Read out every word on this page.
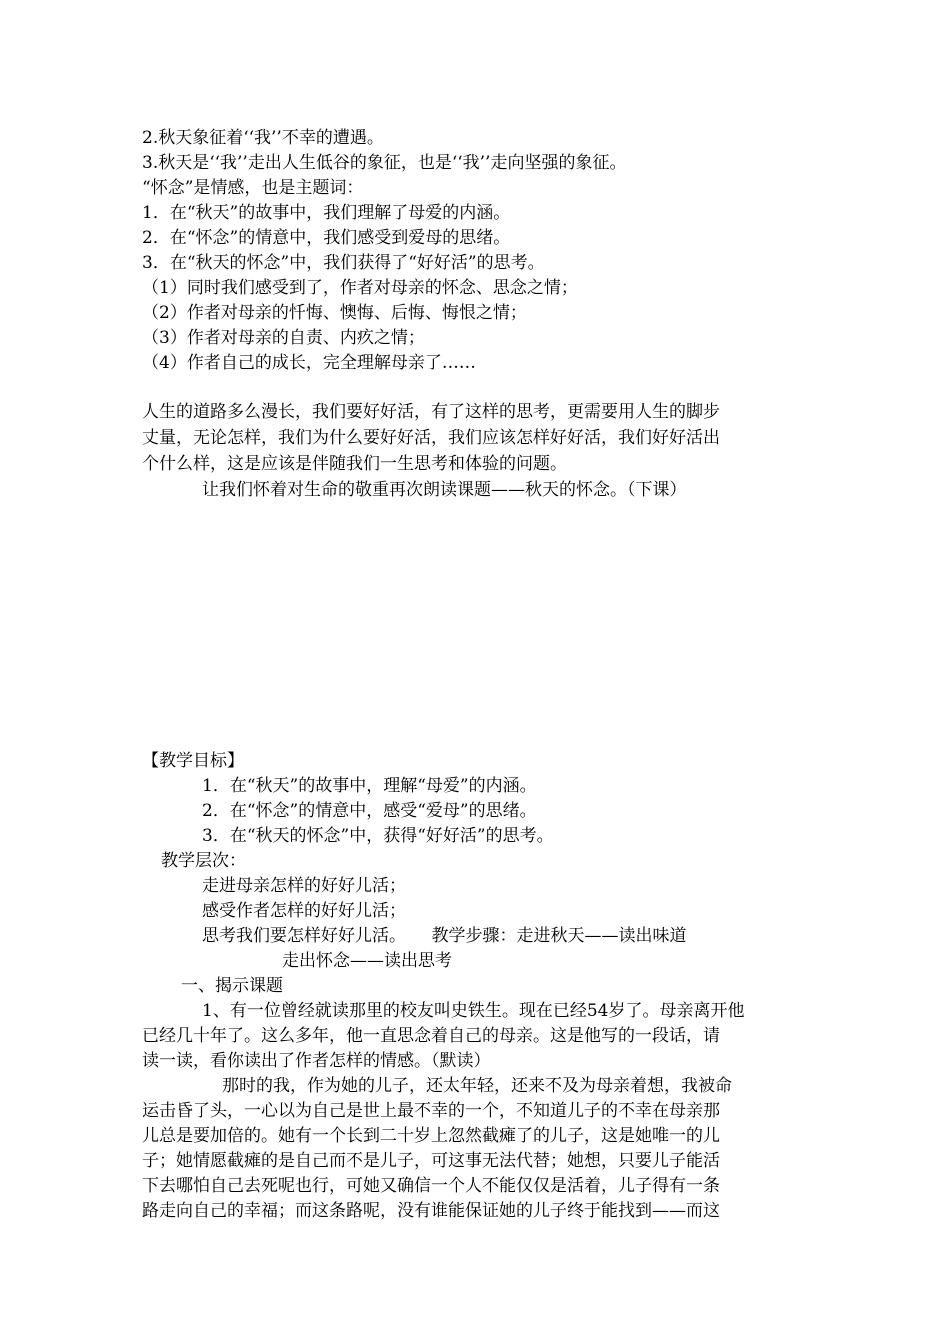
2.秋天象征着‘‘我’’不幸的遭遇。
3.秋天是‘‘我’’走出人生低谷的象征，也是‘‘我’’走向坚强的象征。
“怀念”是情感，也是主题词：
1．在“秋天”的故事中，我们理解了母爱的内涵。
2．在“怀念”的情意中，我们感受到爱母的思绪。
3．在“秋天的怀念”中，我们获得了“好好活”的思考。
（1）同时我们感受到了，作者对母亲的怀念、思念之情；
（2）作者对母亲的忏悔、懊悔、后悔、悔恨之情；
（3）作者对母亲的自责、内疚之情；
（4）作者自己的成长，完全理解母亲了……
人生的道路多么漫长，我们要好好活，有了这样的思考，更需要用人生的脚步
丈量，无论怎样，我们为什么要好好活，我们应该怎样好好活，我们好好活出
个什么样，这是应该是伴随我们一生思考和体验的问题。
让我们怀着对生命的敬重再次朗读课题——秋天的怀念。（下课）
【教学目标】
1．在“秋天”的故事中，理解“母爱”的内涵。
2．在“怀念”的情意中，感受“爱母”的思绪。
3．在“秋天的怀念”中，获得“好好活”的思考。
教学层次：
走进母亲怎样的好好儿活；
感受作者怎样的好好儿活；
思考我们要怎样好好儿活。　　教学步骤：走进秋天——读出味道
走出怀念——读出思考
一、揭示课题
1、有一位曾经就读那里的校友叫史铁生。现在已经54岁了。母亲离开他
已经几十年了。这么多年，他一直思念着自己的母亲。这是他写的一段话，请
读一读，看你读出了作者怎样的情感。（默读）
那时的我，作为她的儿子，还太年轻，还来不及为母亲着想，我被命
运击昏了头，一心以为自己是世上最不幸的一个，不知道儿子的不幸在母亲那
儿总是要加倍的。她有一个长到二十岁上忽然截瘫了的儿子，这是她唯一的儿
子；她情愿截瘫的是自己而不是儿子，可这事无法代替；她想，只要儿子能活
下去哪怕自己去死呢也行，可她又确信一个人不能仅仅是活着，儿子得有一条
路走向自己的幸福；而这条路呢，没有谁能保证她的儿子终于能找到——而这
